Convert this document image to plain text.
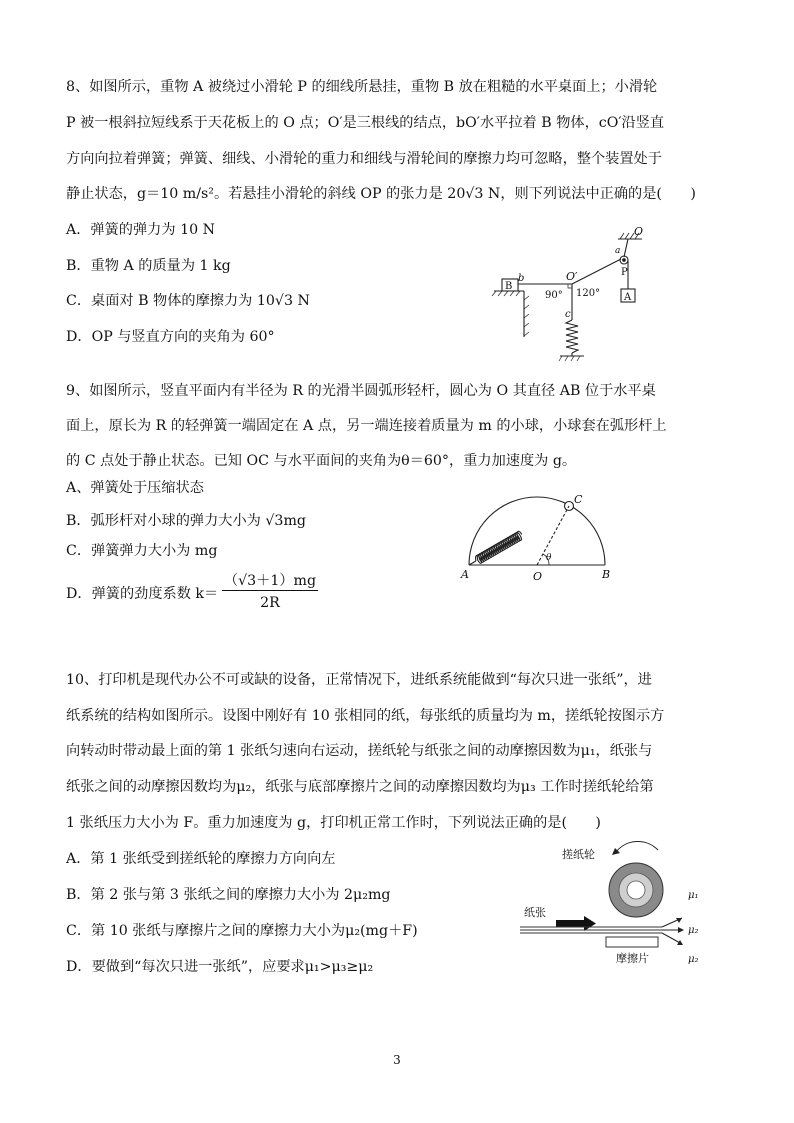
8、如图所示，重物 A 被绕过小滑轮 P 的细线所悬挂，重物 B 放在粗糙的水平桌面上；小滑轮
P 被一根斜拉短线系于天花板上的 O 点；O′是三根线的结点，bO′水平拉着 B 物体，cO′沿竖直
方向向拉着弹簧；弹簧、细线、小滑轮的重力和细线与滑轮间的摩擦力均可忽略，整个装置处于
静止状态，g＝10 m/s²。若悬挂小滑轮的斜线 OP 的张力是 20√3 N，则下列说法中正确的是(　　)
A．弹簧的弹力为 10 N
B．重物 A 的质量为 1 kg
C．桌面对 B 物体的摩擦力为 10√3 N
D．OP 与竖直方向的夹角为 60°
O
a
P
b
B
O′
A
c
90° 120°
9、如图所示，竖直平面内有半径为 R 的光滑半圆弧形轻杆，圆心为 O 其直径 AB 位于水平桌
面上，原长为 R 的轻弹簧一端固定在 A 点，另一端连接着质量为 m 的小球，小球套在弧形杆上
的 C 点处于静止状态。已知 OC 与水平面间的夹角为θ＝60°，重力加速度为 g。
A、弹簧处于压缩状态
B．弧形杆对小球的弹力大小为 √3mg
C．弹簧弹力大小为 mg
D．弹簧的劲度系数 k＝
（√3＋1）mg
2R
C
A	O	B
θ
10、打印机是现代办公不可或缺的设备，正常情况下，进纸系统能做到“每次只进一张纸”，进
纸系统的结构如图所示。设图中刚好有 10 张相同的纸，每张纸的质量均为 m，搓纸轮按图示方
向转动时带动最上面的第 1 张纸匀速向右运动，搓纸轮与纸张之间的动摩擦因数为μ₁，纸张与
纸张之间的动摩擦因数均为μ₂，纸张与底部摩擦片之间的动摩擦因数均为μ₃ 工作时搓纸轮给第
1 张纸压力大小为 F。重力加速度为 g，打印机正常工作时，下列说法正确的是(　　)
A．第 1 张纸受到搓纸轮的摩擦力方向向左
B．第 2 张与第 3 张纸之间的摩擦力大小为 2μ₂mg
C．第 10 张纸与摩擦片之间的摩擦力大小为μ₂(mg＋F)
D．要做到“每次只进一张纸”，应要求μ₁>μ₃≥μ₂
搓纸轮
纸张
摩擦片
μ₁
μ₂
μ₂
3
